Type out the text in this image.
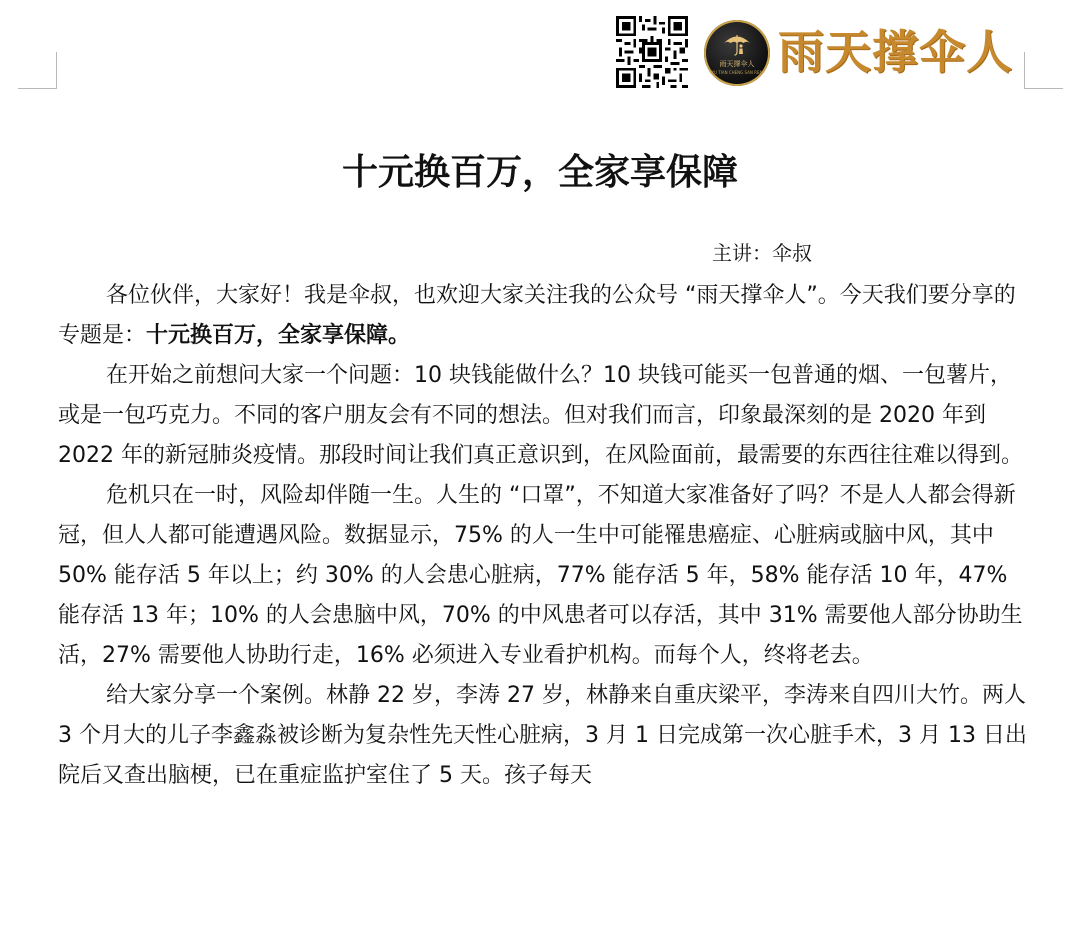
雨天撑伞人
YU TIAN CHENG SAN REN 雨天撑伞人
十元换百万，全家享保障
主讲：伞叔

各位伙伴，大家好！我是伞叔，也欢迎大家关注我的公众号 “雨天撑伞人”。今天我们要分享的专题是：十元换百万，全家享保障。

在开始之前想问大家一个问题：10 块钱能做什么？10 块钱可能买一包普通的烟、一包薯片，或是一包巧克力。不同的客户朋友会有不同的想法。但对我们而言，印象最深刻的是 2020 年到 2022 年的新冠肺炎疫情。那段时间让我们真正意识到，在风险面前，最需要的东西往往难以得到。

危机只在一时，风险却伴随一生。人生的 “口罩”，不知道大家准备好了吗？不是人人都会得新冠，但人人都可能遭遇风险。数据显示，75% 的人一生中可能罹患癌症、心脏病或脑中风，其中 50% 能存活 5 年以上；约 30% 的人会患心脏病，77% 能存活 5 年，58% 能存活 10 年，47% 能存活 13 年；10% 的人会患脑中风，70% 的中风患者可以存活，其中 31% 需要他人部分协助生活，27% 需要他人协助行走，16% 必须进入专业看护机构。而每个人，终将老去。

给大家分享一个案例。林静 22 岁，李涛 27 岁，林静来自重庆梁平，李涛来自四川大竹。两人 3 个月大的儿子李鑫淼被诊断为复杂性先天性心脏病，3 月 1 日完成第一次心脏手术，3 月 13 日出院后又查出脑梗，已在重症监护室住了 5 天。孩子每天
